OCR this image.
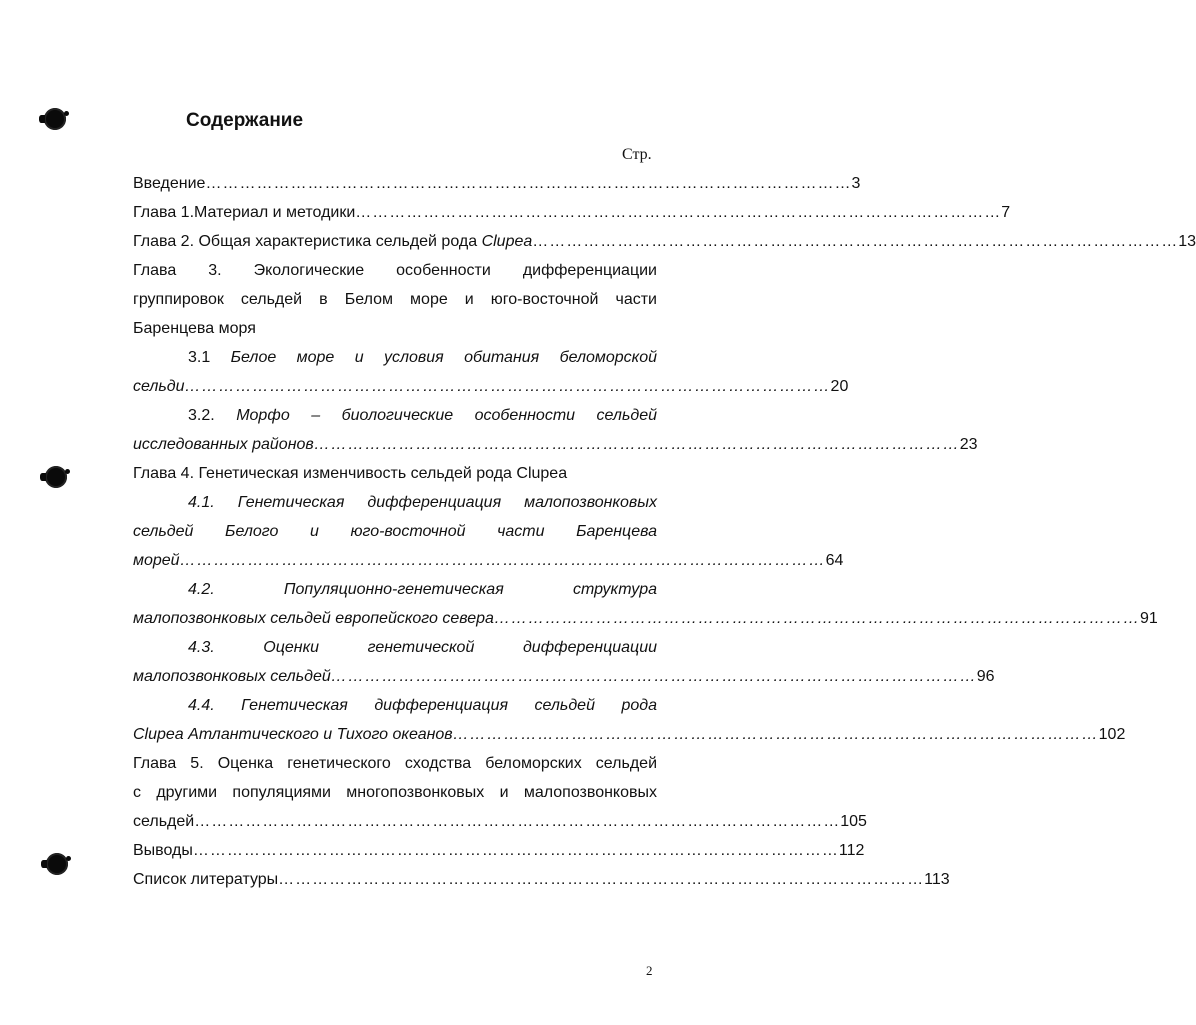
Содержание
Стр.
Введение …………………………………………………………………………………………………… 3
Глава 1.Материал и методики …………………………………………………………………………………………………… 7
Глава 2. Общая характеристика сельдей рода Clupea …………………………………………………………………………………………………… 13
Глава 3. Экологические особенности дифференциации
группировок сельдей в Белом море и юго-восточной части
Баренцева моря
3.1 Белое море и условия обитания беломорской
сельди …………………………………………………………………………………………………… 20
3.2. Морфо – биологические особенности сельдей
исследованных районов …………………………………………………………………………………………………… 23
Глава 4. Генетическая изменчивость сельдей рода Clupea
4.1. Генетическая дифференциация малопозвонковых
сельдей Белого и юго-восточной части Баренцева
морей …………………………………………………………………………………………………… 64
4.2. Популяционно-генетическая структура
малопозвонковых сельдей европейского севера …………………………………………………………………………………………………… 91
4.3. Оценки генетической дифференциации
малопозвонковых сельдей …………………………………………………………………………………………………… 96
4.4. Генетическая дифференциация сельдей рода
Clupea Атлантического и Тихого океанов …………………………………………………………………………………………………… 102
Глава 5. Оценка генетического сходства беломорских сельдей
с другими популяциями многопозвонковых и малопозвонковых
сельдей …………………………………………………………………………………………………… 105
Выводы …………………………………………………………………………………………………… 112
Список литературы …………………………………………………………………………………………………… 113
2
